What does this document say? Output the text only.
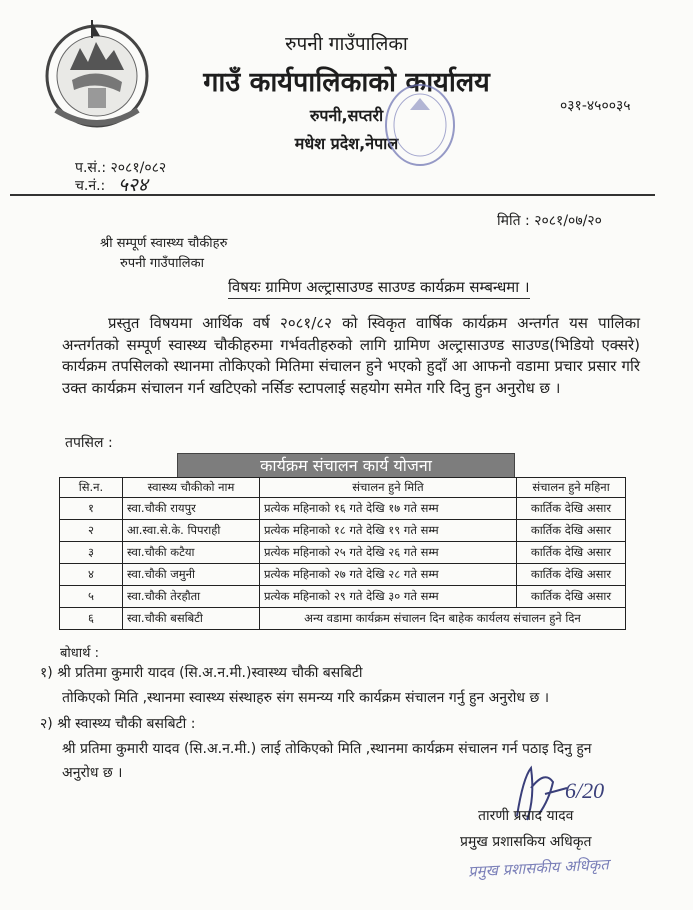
रुपनी गाउँपालिका
गाउँ कार्यपालिकाको कार्यालय
रुपनी,सप्तरी
मधेश प्रदेश,नेपाल
०३१-४५००३५
प.सं.: २०८१/०८२
च.नं.: ५२४
मिति : २०८१/०७/२०
श्री सम्पूर्ण स्वास्थ्य चौकीहरु
रुपनी गाउँपालिका
विषयः ग्रामिण अल्ट्रासाउण्ड साउण्ड कार्यक्रम सम्बन्धमा ।
प्रस्तुत विषयमा आर्थिक वर्ष २०८१/८२ को स्विकृत वार्षिक कार्यक्रम अन्तर्गत यस पालिका अन्तर्गतको सम्पूर्ण स्वास्थ्य चौकीहरुमा गर्भवतीहरुको लागि ग्रामिण अल्ट्रासाउण्ड साउण्ड(भिडियो एक्सरे) कार्यक्रम तपसिलको स्थानमा तोकिएको मितिमा संचालन हुने भएको हुदाँ आ आफनो वडामा प्रचार प्रसार गरि उक्त कार्यक्रम संचालन गर्न खटिएको नर्सिङ स्टापलाई सहयोग समेत गरि दिनु हुन अनुरोध छ ।
तपसिल :
कार्यक्रम संचालन कार्य योजना
सि.न.	स्वास्थ्य चौकीको नाम	संचालन हुने मिति	संचालन हुने महिना
१	स्वा.चौकी रायपुर	प्रत्येक महिनाको १६ गते देखि १७ गते सम्म	कार्तिक देखि असार
२	आ.स्वा.से.के. पिपराही	प्रत्येक महिनाको १८ गते देखि १९ गते सम्म	कार्तिक देखि असार
३	स्वा.चौकी कटैया	प्रत्येक महिनाको २५ गते देखि २६ गते सम्म	कार्तिक देखि असार
४	स्वा.चौकी जमुनी	प्रत्येक महिनाको २७ गते देखि २८ गते सम्म	कार्तिक देखि असार
५	स्वा.चौकी तेरहौता	प्रत्येक महिनाको २९ गते देखि ३० गते सम्म	कार्तिक देखि असार
६	स्वा.चौकी बसबिटी	अन्य वडामा कार्यक्रम संचालन दिन बाहेक कार्यलय संचालन हुने दिन	
बोधार्थ :
१) श्री प्रतिमा कुमारी यादव (सि.अ.न.मी.)स्वास्थ्य चौकी बसबिटी
तोकिएको मिति ,स्थानमा स्वास्थ्य संस्थाहरु संग समन्य्य गरि कार्यक्रम संचालन गर्नु हुन अनुरोध छ ।
२) श्री स्वास्थ्य चौकी बसबिटी :
श्री प्रतिमा कुमारी यादव (सि.अ.न.मी.) लाई तोकिएको मिति ,स्थानमा कार्यक्रम संचालन गर्न पठाइ दिनु हुन अनुरोध छ ।
6/20
तारणी प्रसाद यादव
प्रमुख प्रशासकिय अधिकृत
प्रमुख प्रशासकीय अधिकृत
